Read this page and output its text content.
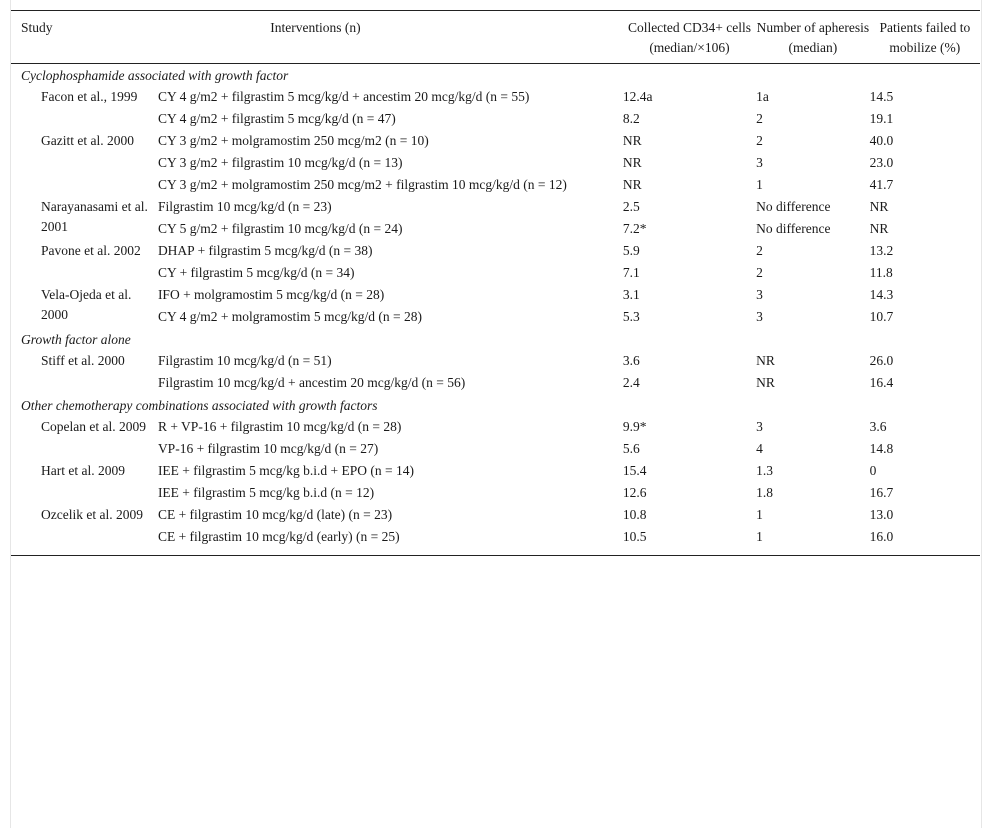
Study	Interventions (n)	Collected CD34+ cells (median/×106)	Number of apheresis (median)	Patients failed to mobilize (%)
Cyclophosphamide associated with growth factor				

Facon et al., 1999	CY 4 g/m2 + filgrastim 5 mcg/kg/d + ancestim 20 mcg/kg/d (n = 55)	12.4a	1a	14.5
	CY 4 g/m2 + filgrastim 5 mcg/kg/d (n = 47)	8.2	2	19.1

Gazitt et al. 2000	CY 3 g/m2 + molgramostim 250 mcg/m2 (n = 10)	NR	2	40.0
	CY 3 g/m2 + filgrastim 10 mcg/kg/d (n = 13)	NR	3	23.0
	CY 3 g/m2 + molgramostim 250 mcg/m2 + filgrastim 10 mcg/kg/d (n = 12)	NR	1	41.7

Narayanasami et al. 2001	Filgrastim 10 mcg/kg/d (n = 23)	2.5	No difference	NR
	CY 5 g/m2 + filgrastim 10 mcg/kg/d (n = 24)	7.2*	No difference	NR

Pavone et al. 2002	DHAP + filgrastim 5 mcg/kg/d (n = 38)	5.9	2	13.2
	CY + filgrastim 5 mcg/kg/d (n = 34)	7.1	2	11.8

Vela-Ojeda et al. 2000	IFO + molgramostim 5 mcg/kg/d (n = 28)	3.1	3	14.3
	CY 4 g/m2 + molgramostim 5 mcg/kg/d (n = 28)	5.3	3	10.7
Growth factor alone				

Stiff et al. 2000	Filgrastim 10 mcg/kg/d (n = 51)	3.6	NR	26.0
	Filgrastim 10 mcg/kg/d + ancestim 20 mcg/kg/d (n = 56)	2.4	NR	16.4
Other chemotherapy combinations associated with growth factors				

Copelan et al. 2009	R + VP-16 + filgrastim 10 mcg/kg/d (n = 28)	9.9*	3	3.6
	VP-16 + filgrastim 10 mcg/kg/d (n = 27)	5.6	4	14.8

Hart et al. 2009	IEE + filgrastim 5 mcg/kg b.i.d + EPO (n = 14)	15.4	1.3	0
	IEE + filgrastim 5 mcg/kg b.i.d (n = 12)	12.6	1.8	16.7

Ozcelik et al. 2009	CE + filgrastim 10 mcg/kg/d (late) (n = 23)	10.8	1	13.0
	CE + filgrastim 10 mcg/kg/d (early) (n = 25)	10.5	1	16.0
